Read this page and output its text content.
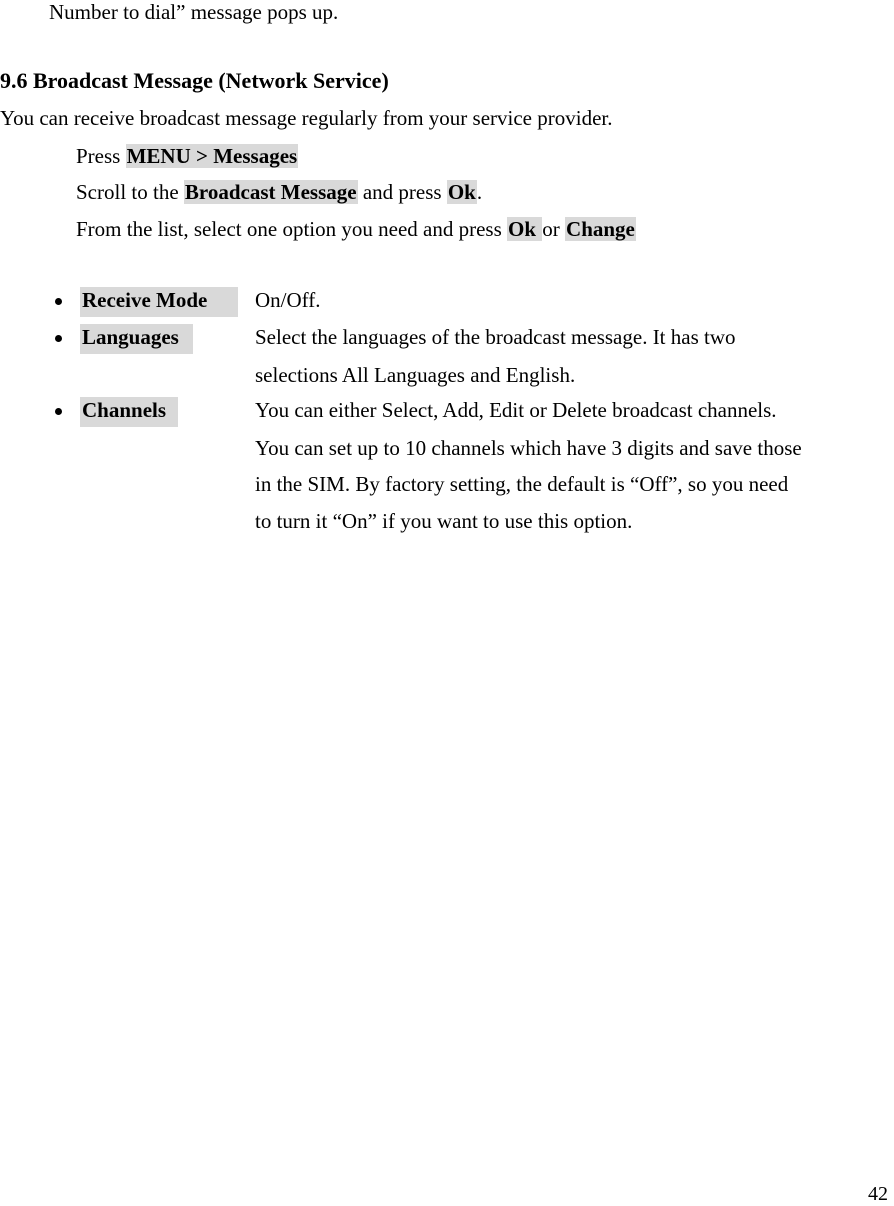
Number to dial” message pops up.
9.6 Broadcast Message (Network Service)
You can receive broadcast message regularly from your service provider.
Press MENU > Messages
Scroll to the Broadcast Message and press Ok.
From the list, select one option you need and press Ok or Change
Receive Mode On/Off.
Languages	Select the languages of the broadcast message. It has two
selections All Languages and English.
Channels	You can either Select, Add, Edit or Delete broadcast channels.
You can set up to 10 channels which have 3 digits and save those
in the SIM. By factory setting, the default is “Off”, so you need
to turn it “On” if you want to use this option.
42
